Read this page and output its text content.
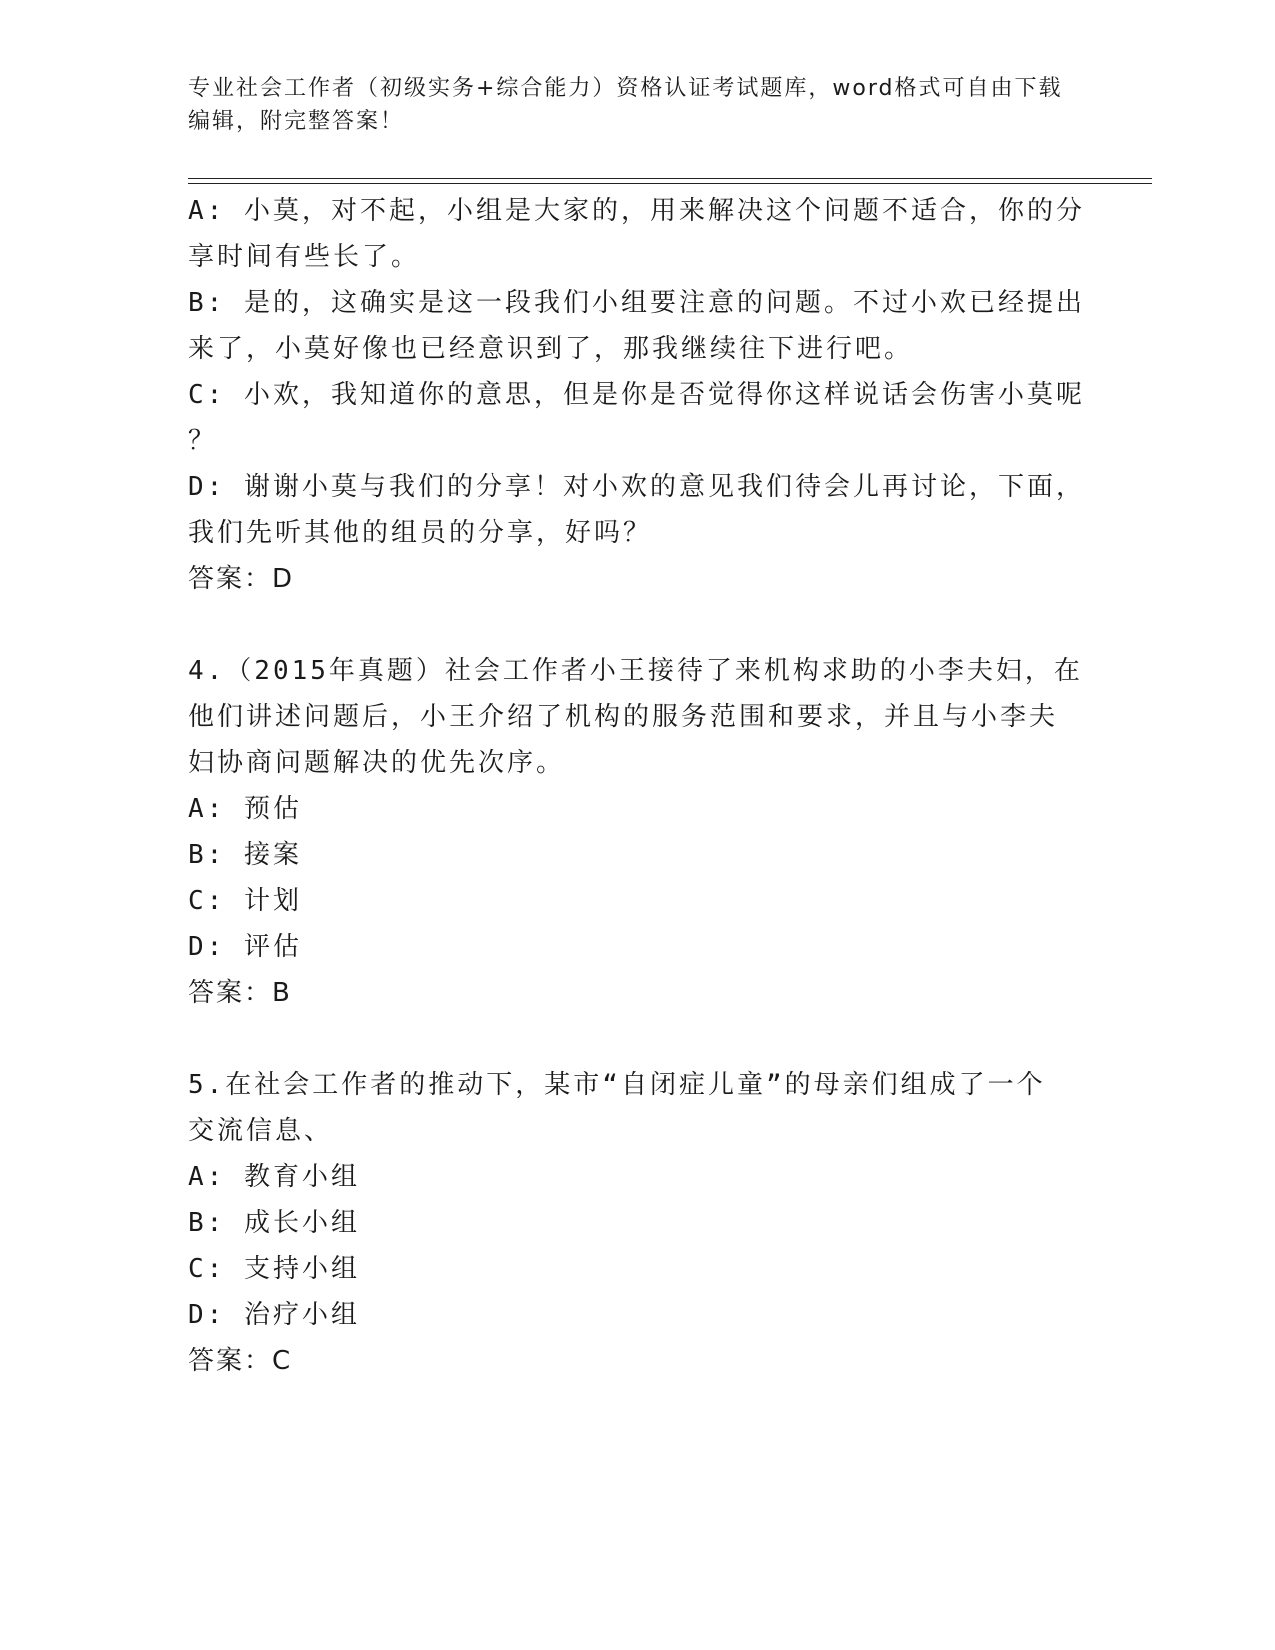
专业社会工作者（初级实务+综合能力）资格认证考试题库，word格式可自由下载
编辑，附完整答案！
A: 小莫，对不起，小组是大家的，用来解决这个问题不适合，你的分
享时间有些长了。
B: 是的，这确实是这一段我们小组要注意的问题。不过小欢已经提出
来了，小莫好像也已经意识到了，那我继续往下进行吧。
C: 小欢，我知道你的意思，但是你是否觉得你这样说话会伤害小莫呢
？
D: 谢谢小莫与我们的分享！对小欢的意见我们待会儿再讨论，下面，
我们先听其他的组员的分享，好吗？
答案：D
4.（2015年真题）社会工作者小王接待了来机构求助的小李夫妇，在
他们讲述问题后，小王介绍了机构的服务范围和要求，并且与小李夫
妇协商问题解决的优先次序。
A: 预估
B: 接案
C: 计划
D: 评估
答案：B
5.在社会工作者的推动下，某市“自闭症儿童”的母亲们组成了一个
交流信息、
A: 教育小组
B: 成长小组
C: 支持小组
D: 治疗小组
答案：C
